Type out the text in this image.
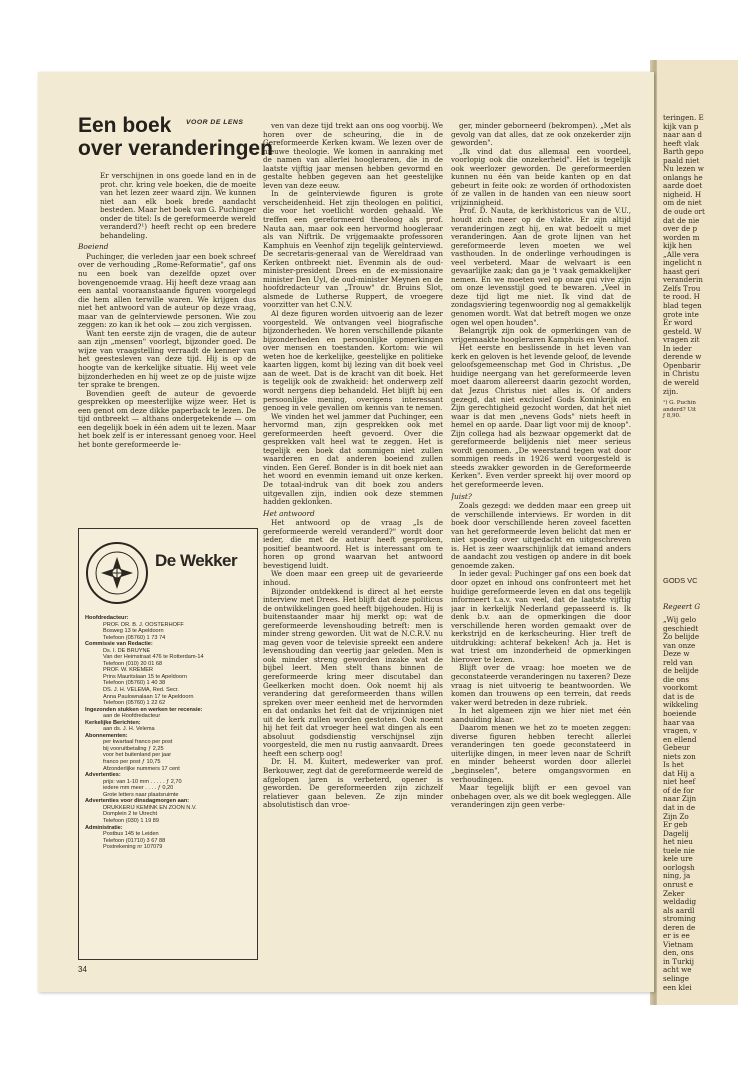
teringen. E
kijk van p
naar aan d
heeft vlak
Barth gepo
paald niet
Nu lezen w
onlangs he
aarde doet
nigheid. H
om de niet
de oude ort
dat de nie
over de p
worden m
kijk hen
„Alle vera
ingelicht n
haast geri
veranderin
Zelfs Trou
te rood. H
blad tegen
grote inte
Er word
gesteld. W
vragen zit
In ieder
derende w
Openbarir
in Christu
de wereld
zijn.
¹) G. Puchin
anderd? Uit
ƒ 8,90.
GODS VC
Regeert G
„Wij gelo
geschiedt
Zo belijde
van onze
Deze w
reld van
de belijde
die ons
voorkomt
dat is de
wikkeling
boeiende
haar vaa
vragen, v
en ellend
Gebeur
niets zon
Is het
dat Hij a
niet heef
of de for
naar Zijn
dat in de
Zijn Zo
Er geb
Dagelij
het nieu
tuele nie
kele ure
oorlogsh
ning, ja
onrust e
Zeker
weldadig
als aardl
stroming
deren de
er is ee
Vietnam
den, ons
in Turkij
acht we
selinge
een klei
Een boek
over veranderingen
VOOR DE LENS

Er verschijnen in ons goede land en in de prot. chr. kring vele boeken, die de moeite van het lezen zeer waard zijn. We kunnen niet aan elk boek brede aandacht besteden. Maar het boek van G. Puchinger onder de titel: Is de gereformeerde wereld veranderd?¹) heeft recht op een bredere behandeling.

Boeiend

Puchinger, die verleden jaar een boek schreef over de verhouding „Rome-Reformatie", gaf ons nu een boek van dezelfde opzet over bovengenoemde vraag. Hij heeft deze vraag aan een aantal vooraanstaande figuren voorgelegd die hem allen terwille waren. We krijgen dus niet het antwoord van de auteur op deze vraag, maar van de geïnterviewde personen. Wie zou zeggen: zo kan ik het ook — zou zich vergissen.

Want ten eerste zijn de vragen, die de auteur aan zijn „mensen" voorlegt, bijzonder goed. De wijze van vraagstelling verraadt de kenner van het geestesleven van deze tijd. Hij is op de hoogte van de kerkelijke situatie. Hij weet vele bijzonderheden en hij weet ze op de juiste wijze ter sprake te brengen.

Bovendien geeft de auteur de gevoerde gesprekken op meesterlijke wijze weer. Het is een genot om deze dikke paperback te lezen. De tijd ontbreekt — althans ondergetekende — om een degelijk boek in één adem uit te lezen. Maar het boek zelf is er interessant genoeg voor. Heel het bonte gereformeerde le-

ven van deze tijd trekt aan ons oog voorbij. We horen over de scheuring, die in de Gereformeerde Kerken kwam. We lezen over de nieuwe theologie. We komen in aanraking met de namen van allerlei hoogleraren, die in de laatste vijftig jaar mensen hebben gevormd en gestalte hebben gegeven aan het geestelijke leven van deze eeuw.

In de geïnterviewde figuren is grote verscheidenheid. Het zijn theologen en politici, die voor het voetlicht worden gehaald. We treffen een gereformeerd theoloog als prof. Nauta aan, maar ook een hervormd hoogleraar als van Niftrik. De vrijgemaakte professoren Kamphuis en Veenhof zijn tegelijk geïnterviewd. De secretaris-generaal van de Wereldraad van Kerken ontbreekt niet. Evenmin als de oud-minister-president Drees en de ex-missionaire minister Den Uyl, de oud-minister Meynen en de hoofdredacteur van „Trouw" dr. Bruins Slot, alsmede de Lutherse Ruppert, de vroegere voorzitter van het C.N.V.

Al deze figuren worden uitvoerig aan de lezer voorgesteld. We ontvangen veel biografische bijzonderheden. We horen verschillende pikante bijzonderheden en persoonlijke opmerkingen over mensen en toestanden. Kortom: wie wil weten hoe de kerkelijke, geestelijke en politieke kaarten liggen, komt bij lezing van dit boek veel aan de weet. Dat is de kracht van dit boek. Het is tegelijk ook de zwakheid: het onderwerp zelf wordt nergens diep behandeld. Het blijft bij een persoonlijke mening, overigens interessant genoeg in vele gevallen om kennis van te nemen.

We vinden het wel jammer dat Puchinger, een hervormd man, zijn gesprekken ook met gereformeerden heeft gevoerd. Over die gesprekken valt heel wat te zeggen. Het is tegelijk een boek dat sommigen niet zullen waarderen en dat anderen boeiend zullen vinden. Een Geref. Bonder is in dit boek niet aan het woord en evenmin iemand uit onze kerken. De totaal-indruk van dit boek zou anders uitgevallen zijn, indien ook deze stemmen hadden geklonken.

Het antwoord

Het antwoord op de vraag „Is de gereformeerde wereld veranderd?" wordt door ieder, die met de auteur heeft gesproken, positief beantwoord. Het is interessant om te horen op grond waarvan het antwoord bevestigend luidt.

We doen maar een greep uit de gevarieerde inhoud.

Bijzonder ontdekkend is direct al het eerste interview met Drees. Het blijft dat deze politicus de ontwikkelingen goed heeft bijgehouden. Hij is buitenstaander maar hij merkt op: wat de gereformeerde levenshouding betreft: men is minder streng geworden. Uit wat de N.C.R.V. nu mag geven voor de televisie spreekt een andere levenshouding dan veertig jaar geleden. Men is ook minder streng geworden inzake wat de bijbel leert. Men stelt thans binnen de gereformeerde kring meer discutabel dan Geelkerken mocht doen. Ook noemt hij als verandering dat gereformeerden thans willen spreken over meer eenheid met de hervormden en dat ondanks het feit dat de vrijzinnigen niet uit de kerk zullen worden gestoten. Ook noemt hij het feit dat vroeger heel wat dingen als een absoluut godsdienstig verschijnsel zijn voorgesteld, die men nu rustig aanvaardt. Drees heeft een scherp oog!

Dr. H. M. Kuitert, medewerker van prof. Berkouwer, zegt dat de gereformeerde wereld de afgelopen jaren is verbeterd, opener is geworden. De gereformeerden zijn zichzelf relatiever gaan beleven. Ze zijn minder absolutistisch dan vroe-

ger, minder geborneerd (bekrompen). „Met als gevolg van dat alles, dat ze ook onzekerder zijn geworden".

„Ik vind dat dus allemaal een voordeel, voorlopig ook die onzekerheid". Het is tegelijk ook weerlozer geworden. De gereformeerden kunnen nu één van beide kanten op en dat gebeurt in feite ook: ze worden óf orthodoxisten óf ze vallen in de handen van een nieuw soort vrijzinnigheid.

Prof. D. Nauta, de kerkhistoricus van de V.U., houdt zich meer op de vlakte. Er zijn altijd veranderingen zegt hij, en wat bedoelt u met veranderingen. Aan de grote lijnen van het gereformeerde leven moeten we wel vasthouden. In de onderlinge verhoudingen is veel verbeterd. Maar de welvaart is een gevaarlijke zaak; dan ga je 't vaak gemakkelijker nemen. En we moeten wel op onze qui vive zijn om onze levensstijl goed te bewaren. „Veel in deze tijd ligt me niet. Ik vind dat de zondagsviering tegenwoordig nog al gemakkelijk genomen wordt. Wat dat betreft mogen we onze ogen wel open houden".

Belangrijk zijn ook de opmerkingen van de vrijgemaakte hoogleraren Kamphuis en Veenhof.

Het eerste en beslissende in het leven van kerk en geloven is het levende geloof, de levende geloofsgemeenschap met God in Christus. „De huidige neergang van het gereformeerde leven moet daarom allereerst daarin gezocht worden, dat Jezus Christus niet alles is. Of anders gezegd, dat niet exclusief Gods Koninkrijk en Zijn gerechtigheid gezocht worden, dat het niet waar is dat men „nevens Gods" niets heeft in hemel en op aarde. Daar ligt voor mij de knoop". Zijn collega had als bezwaar opgemerkt dat de gereformeerde belijdenis niet meer serieus wordt genomen. „De weerstand tegen wat door sommigen reeds in 1926 werd voorgesteld is steeds zwakker geworden in de Gereformeerde Kerken". Even verder spreekt hij over moord op het gereformeerde leven.

Juist?

Zoals gezegd: we dedden maar een greep uit de verschillende interviews. Er worden in dit boek door verschillende heren zoveel facetten van het gereformeerde leven belicht dat men er niet spoedig over uitgedacht en uitgeschreven is. Het is zeer waarschijnlijk dat iemand anders de aandacht zou vestigen op andere in dit boek genoemde zaken.

In ieder geval: Puchinger gaf ons een boek dat door opzet en inhoud ons confronteert met het huidige gereformeerde leven en dat ons tegelijk informeert t.a.v. van veel, dat de laatste vijftig jaar in kerkelijk Nederland gepasseerd is. Ik denk b.v. aan de opmerkingen die door verschillende heren worden gemaakt over de kerkstrijd en de kerkscheuring. Hier treft de uitdrukking: achteraf bekeken! Ach ja. Het is wat triest om inzonderheid de opmerkingen hierover te lezen.

Blijft over de vraag: hoe moeten we de geconstateerde veranderingen nu taxeren? Deze vraag is niet uitvoerig te beantwoorden. We komen dan trouwens op een terrein, dat reeds vaker werd betreden in deze rubriek.

In het algemeen zijn we hier niet met één aanduiding klaar.

Daarom menen we het zo te moeten zeggen: diverse figuren hebben terecht allerlei veranderingen ten goede geconstateerd in uiterlijke dingen, in meer leven naar de Schrift en minder beheerst worden door allerlei „beginselen", betere omgangsvormen en verhoudingen.

Maar tegelijk blijft er een gevoel van onbehagen over, als we dit boek wegleggen. Alle veranderingen zijn geen verbe-

De Wekker
Hoofdredacteur:
PROF. DR. B. J. OOSTERHOFF
Bosweg 13 te Apeldoorn
Telefoon (05760) 1 73 74
Commissie van Redactie:
Ds. I. DE BRUYNE
Van der Heimstraat 476 te Rotterdam-14
Telefoon (010) 20 01 68
PROF. W. KREMER
Prins Mauritslaan 15 te Apeldoorn
Telefoon (05760) 1 40 38
DS. J. H. VELEMA, Red. Secr.
Anna Paulownalaan 17 te Apeldoorn
Telefoon (05760) 1 22 62
Ingezonden stukken en werken ter recensie:
aan de Hoofdredacteur
Kerkelijke Berichten:
aan ds. J. H. Velema
Abonnementen:
per kwartaal franco per post
bij vooruitbetaling ƒ 2,25
voor het buitenland per jaar
franco per post ƒ 10,75
Afzonderlijke nummers 17 cent
Advertenties:
prijs: van 1-10 mm . . . . . ƒ 2,70
iedere mm meer . . . . ƒ 0,20
Grote letters naar plaatsruimte
Advertenties voor dinsdagmorgen aan:
DRUKKERIJ KEMINK EN ZOON N.V.
Domplein 2 te Utrecht
Telefoon (030) 1 19 89
Administratie:
Postbus 145 te Leiden
Telefoon (01710) 3 67 88
Postrekening nr 107079
34
